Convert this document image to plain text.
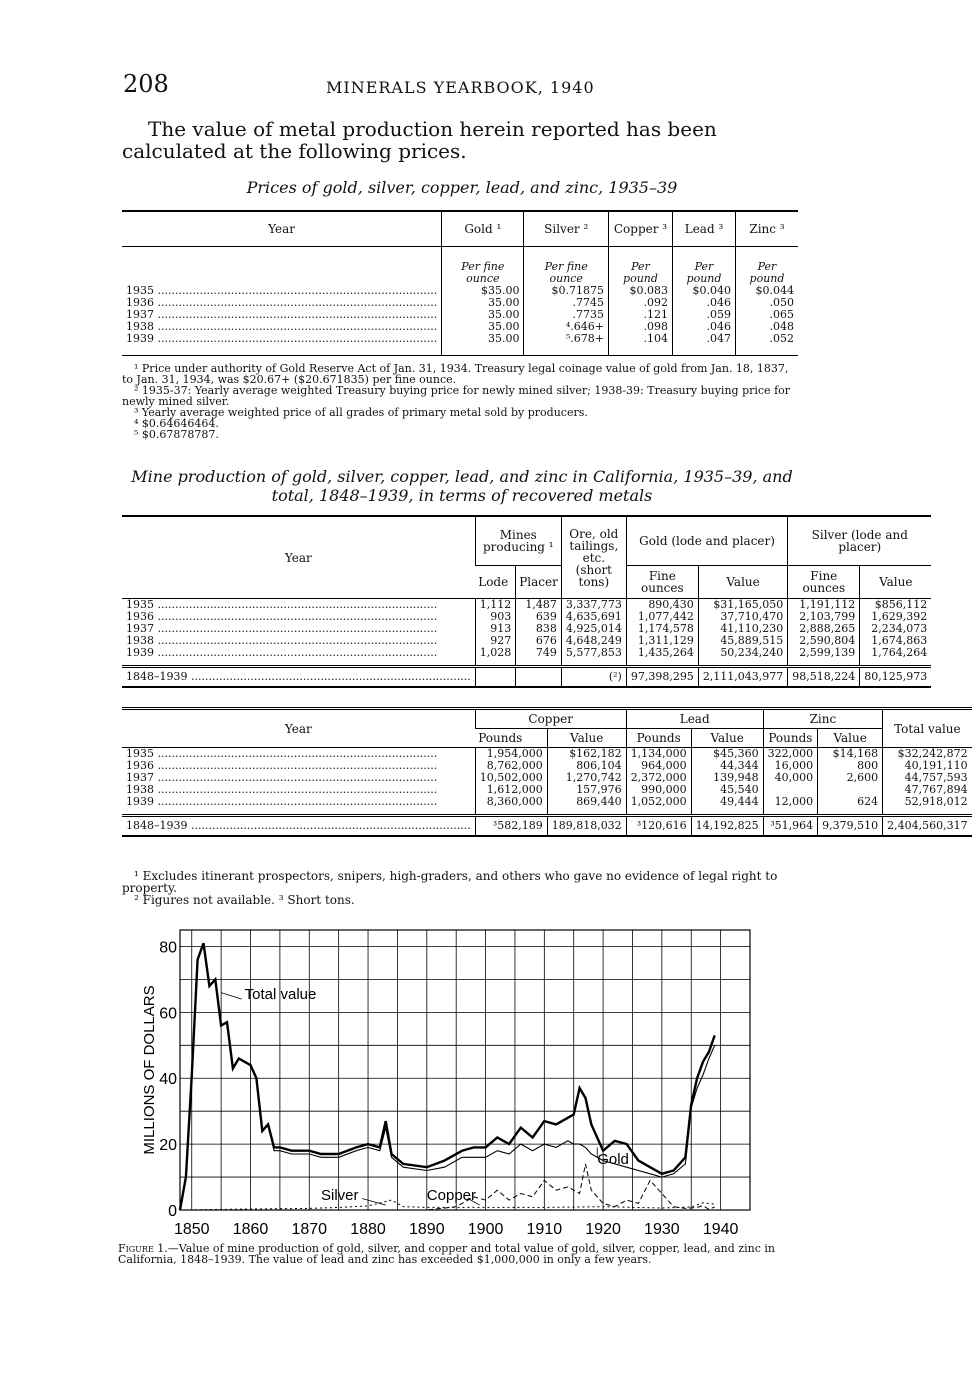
208	MINERALS YEARBOOK, 1940
The value of metal production herein reported has been calculated at the following prices.
Prices of gold, silver, copper, lead, and zinc, 1935–39
Year	Gold ¹	Silver ²	Copper ³	Lead ³	Zinc ³
	Per fine ounce	Per fine ounce	Per pound	Per pound	Per pound
1935 ................................................................................	$35.00	$0.71875	$0.083	$0.040	$0.044
1936 ................................................................................	35.00	.7745	.092	.046	.050
1937 ................................................................................	35.00	.7735	.121	.059	.065
1938 ................................................................................	35.00	⁴.646+	.098	.046	.048
1939 ................................................................................	35.00	⁵.678+	.104	.047	.052

¹ Price under authority of Gold Reserve Act of Jan. 31, 1934. Treasury legal coinage value of gold from Jan. 18, 1837, to Jan. 31, 1934, was $20.67+ ($20.671835) per fine ounce.

² 1935-37: Yearly average weighted Treasury buying price for newly mined silver; 1938-39: Treasury buying price for newly mined silver.

³ Yearly average weighted price of all grades of primary metal sold by producers.

⁴ $0.64646464.

⁵ $0.67878787.

Mine production of gold, silver, copper, lead, and zinc in California, 1935–39, and total, 1848–1939, in terms of recovered metals
Year	Mines producing ¹		Ore, old tailings, etc. (short tons)	Gold (lode and placer)		Silver (lode and placer)	
	Lode	Placer		Fine ounces	Value	Fine ounces	Value
1935 ................................................................................	1,112	1,487	3,337,773	890,430	$31,165,050	1,191,112	$856,112
1936 ................................................................................	903	639	4,635,691	1,077,442	37,710,470	2,103,799	1,629,392
1937 ................................................................................	913	838	4,925,014	1,174,578	41,110,230	2,888,265	2,234,073
1938 ................................................................................	927	676	4,648,249	1,311,129	45,889,515	2,590,804	1,674,863
1939 ................................................................................	1,028	749	5,577,853	1,435,264	50,234,240	2,599,139	1,764,264
1848–1939 ................................................................................			(²)	97,398,295	2,111,043,977	98,518,224	80,125,973
Year	Copper		Lead		Zinc		Total value
	Pounds	Value	Pounds	Value	Pounds	Value	
1935 ................................................................................	1,954,000	$162,182	1,134,000	$45,360	322,000	$14,168	$32,242,872
1936 ................................................................................	8,762,000	806,104	964,000	44,344	16,000	800	40,191,110
1937 ................................................................................	10,502,000	1,270,742	2,372,000	139,948	40,000	2,600	44,757,593
1938 ................................................................................	1,612,000	157,976	990,000	45,540			47,767,894
1939 ................................................................................	8,360,000	869,440	1,052,000	49,444	12,000	624	52,918,012
1848–1939 ................................................................................	³582,189	189,818,032	³120,616	14,192,825	³51,964	9,379,510	2,404,560,317

¹ Excludes itinerant prospectors, snipers, high-graders, and others who gave no evidence of legal right to property.

² Figures not available. ³ Short tons.

1850 1860 1870 1880 1890 1900 1910 1920 1930 1940
0
20
40
60
80
MILLIONS OF DOLLARS	Total value
Gold
Silver	Copper
Figure 1.—Value of mine production of gold, silver, and copper and total value of gold, silver, copper, lead, and zinc in California, 1848–1939. The value of lead and zinc has exceeded $1,000,000 in only a few years.
